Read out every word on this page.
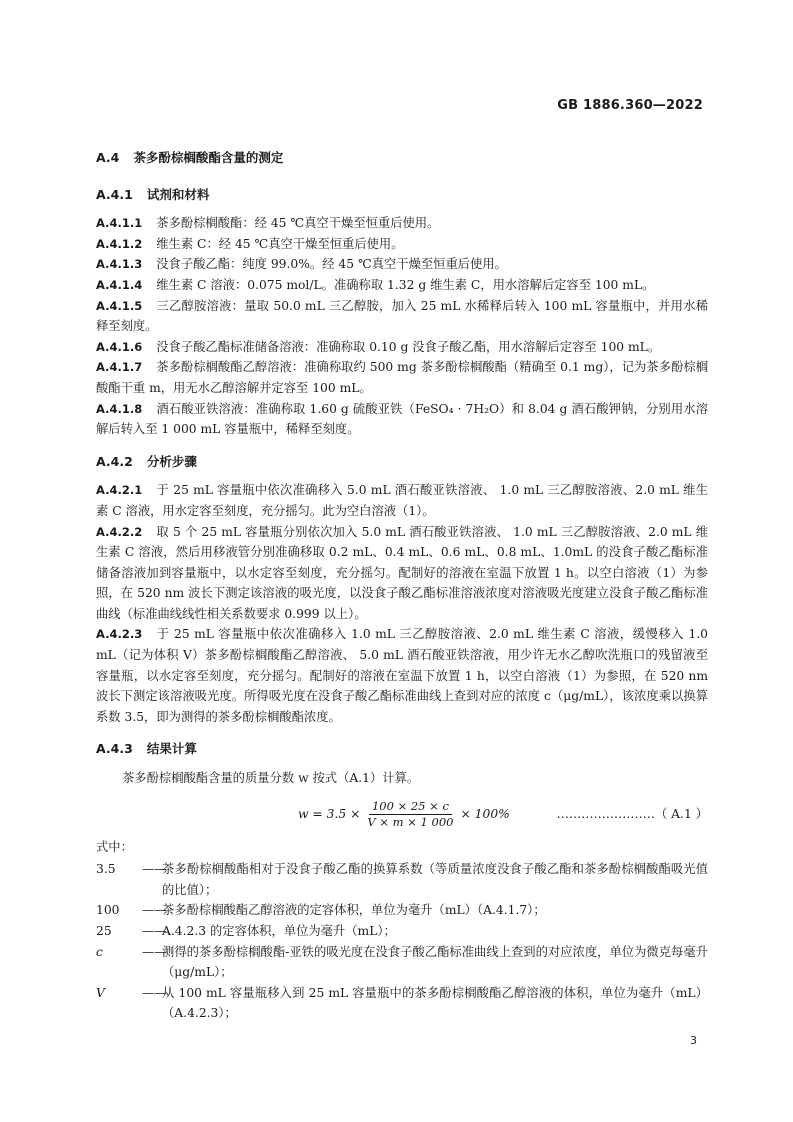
GB 1886.360—2022
A.4 茶多酚棕榈酸酯含量的测定
A.4.1 试剂和材料

A.4.1.1 茶多酚棕榈酸酯：经 45 ℃真空干燥至恒重后使用。

A.4.1.2 维生素 C：经 45 ℃真空干燥至恒重后使用。

A.4.1.3 没食子酸乙酯：纯度 99.0%。经 45 ℃真空干燥至恒重后使用。

A.4.1.4 维生素 C 溶液：0.075 mol/L。准确称取 1.32 g 维生素 C，用水溶解后定容至 100 mL。

A.4.1.5 三乙醇胺溶液：量取 50.0 mL 三乙醇胺，加入 25 mL 水稀释后转入 100 mL 容量瓶中，并用水稀释至刻度。

A.4.1.6 没食子酸乙酯标准储备溶液：准确称取 0.10 g 没食子酸乙酯，用水溶解后定容至 100 mL。

A.4.1.7 茶多酚棕榈酸酯乙醇溶液：准确称取约 500 mg 茶多酚棕榈酸酯（精确至 0.1 mg），记为茶多酚棕榈酸酯干重 m，用无水乙醇溶解并定容至 100 mL。

A.4.1.8 酒石酸亚铁溶液：准确称取 1.60 g 硫酸亚铁（FeSO₄ · 7H₂O）和 8.04 g 酒石酸钾钠，分别用水溶解后转入至 1 000 mL 容量瓶中，稀释至刻度。

A.4.2 分析步骤

A.4.2.1 于 25 mL 容量瓶中依次准确移入 5.0 mL 酒石酸亚铁溶液、 1.0 mL 三乙醇胺溶液、2.0 mL 维生素 C 溶液，用水定容至刻度，充分摇匀。此为空白溶液（1）。

A.4.2.2 取 5 个 25 mL 容量瓶分别依次加入 5.0 mL 酒石酸亚铁溶液、 1.0 mL 三乙醇胺溶液、2.0 mL 维生素 C 溶液，然后用移液管分别准确移取 0.2 mL、0.4 mL、0.6 mL、0.8 mL、1.0mL 的没食子酸乙酯标准储备溶液加到容量瓶中，以水定容至刻度，充分摇匀。配制好的溶液在室温下放置 1 h。以空白溶液（1）为参照，在 520 nm 波长下测定该溶液的吸光度，以没食子酸乙酯标准溶液浓度对溶液吸光度建立没食子酸乙酯标准曲线（标准曲线线性相关系数要求 0.999 以上）。

A.4.2.3 于 25 mL 容量瓶中依次准确移入 1.0 mL 三乙醇胺溶液、2.0 mL 维生素 C 溶液，缓慢移入 1.0 mL（记为体积 V）茶多酚棕榈酸酯乙醇溶液、 5.0 mL 酒石酸亚铁溶液，用少许无水乙醇吹洗瓶口的残留液至容量瓶，以水定容至刻度，充分摇匀。配制好的溶液在室温下放置 1 h，以空白溶液（1）为参照，在 520 nm 波长下测定该溶液吸光度。所得吸光度在没食子酸乙酯标准曲线上查到对应的浓度 c（μg/mL），该浓度乘以换算系数 3.5，即为测得的茶多酚棕榈酸酯浓度。

A.4.3 结果计算

茶多酚棕榈酸酯含量的质量分数 w 按式（A.1）计算。

$w = 3.5 \times \frac{100 \times 25 \times c}{V \times m \times 1 000} \times 100\%$	……………………（ A.1 ）

式中：

3.5	——
茶多酚棕榈酸酯相对于没食子酸乙酯的换算系数（等质量浓度没食子酸乙酯和茶多酚棕榈酸酯吸光值的比值）；
100	——
茶多酚棕榈酸酯乙醇溶液的定容体积，单位为毫升（mL）（A.4.1.7）；
25	——
A.4.2.3 的定容体积，单位为毫升（mL）；
c	——
测得的茶多酚棕榈酸酯-亚铁的吸光度在没食子酸乙酯标准曲线上查到的对应浓度，单位为微克每毫升（μg/mL）；
V	——
从 100 mL 容量瓶移入到 25 mL 容量瓶中的茶多酚棕榈酸酯乙醇溶液的体积，单位为毫升（mL）（A.4.2.3）；
3
